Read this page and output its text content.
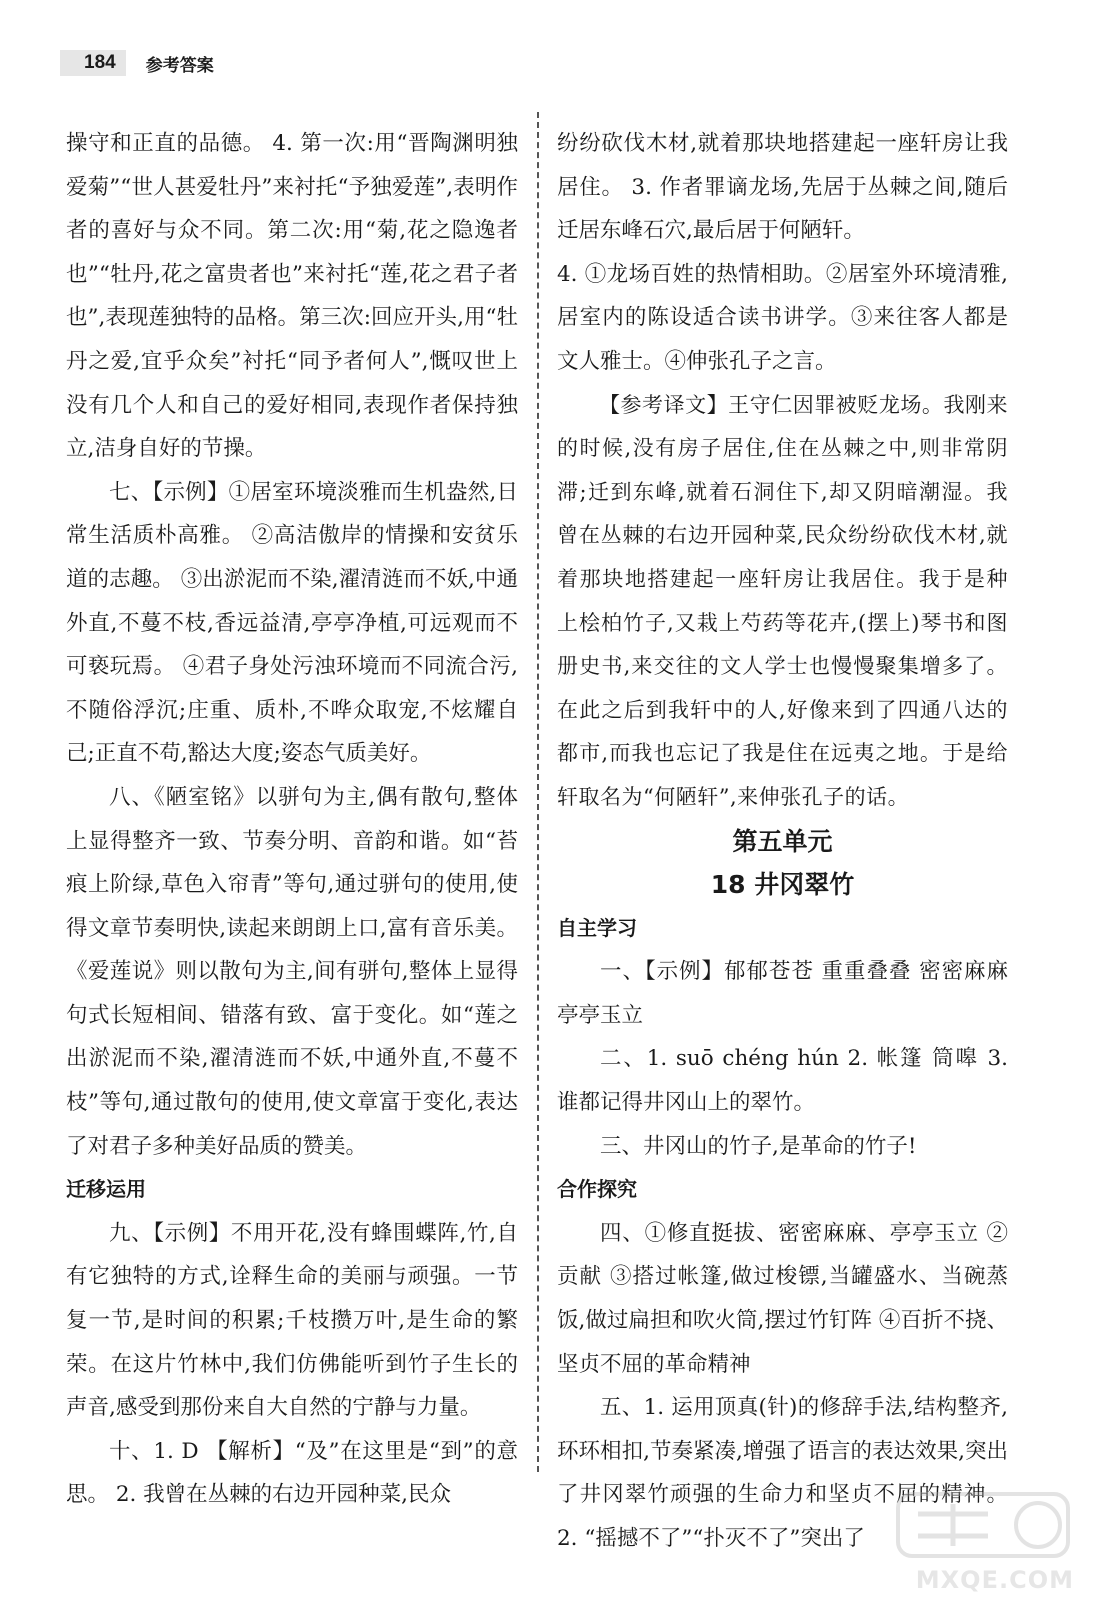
184	参考答案

操守和正直的品德。 4. 第一次:用“晋陶渊明独爱菊”“世人甚爱牡丹”来衬托“予独爱莲”,表明作者的喜好与众不同。第二次:用“菊,花之隐逸者也”“牡丹,花之富贵者也”来衬托“莲,花之君子者也”,表现莲独特的品格。第三次:回应开头,用“牡丹之爱,宜乎众矣”衬托“同予者何人”,慨叹世上没有几个人和自己的爱好相同,表现作者保持独立,洁身自好的节操。

七、【示例】①居室环境淡雅而生机盎然,日常生活质朴高雅。 ②高洁傲岸的情操和安贫乐道的志趣。 ③出淤泥而不染,濯清涟而不妖,中通外直,不蔓不枝,香远益清,亭亭净植,可远观而不可亵玩焉。 ④君子身处污浊环境而不同流合污,不随俗浮沉;庄重、质朴,不哗众取宠,不炫耀自己;正直不苟,豁达大度;姿态气质美好。

八、《陋室铭》以骈句为主,偶有散句,整体上显得整齐一致、节奏分明、音韵和谐。如“苔痕上阶绿,草色入帘青”等句,通过骈句的使用,使得文章节奏明快,读起来朗朗上口,富有音乐美。《爱莲说》则以散句为主,间有骈句,整体上显得句式长短相间、错落有致、富于变化。如“莲之出淤泥而不染,濯清涟而不妖,中通外直,不蔓不枝”等句,通过散句的使用,使文章富于变化,表达了对君子多种美好品质的赞美。

迁移运用

九、【示例】不用开花,没有蜂围蝶阵,竹,自有它独特的方式,诠释生命的美丽与顽强。一节复一节,是时间的积累;千枝攒万叶,是生命的繁荣。在这片竹林中,我们仿佛能听到竹子生长的声音,感受到那份来自大自然的宁静与力量。

十、1. D 【解析】“及”在这里是“到”的意思。 2. 我曾在丛棘的右边开园种菜,民众

纷纷砍伐木材,就着那块地搭建起一座轩房让我居住。 3. 作者罪谪龙场,先居于丛棘之间,随后迁居东峰石穴,最后居于何陋轩。

4. ①龙场百姓的热情相助。②居室外环境清雅,居室内的陈设适合读书讲学。③来往客人都是文人雅士。④伸张孔子之言。

【参考译文】王守仁因罪被贬龙场。我刚来的时候,没有房子居住,住在丛棘之中,则非常阴滞;迁到东峰,就着石洞住下,却又阴暗潮湿。我曾在丛棘的右边开园种菜,民众纷纷砍伐木材,就着那块地搭建起一座轩房让我居住。我于是种上桧柏竹子,又栽上芍药等花卉,(摆上)琴书和图册史书,来交往的文人学士也慢慢聚集增多了。在此之后到我轩中的人,好像来到了四通八达的都市,而我也忘记了我是住在远夷之地。于是给轩取名为“何陋轩”,来伸张孔子的话。

第五单元

18 井冈翠竹

自主学习

一、【示例】郁郁苍苍 重重叠叠 密密麻麻 亭亭玉立

二、1. suō chéng hún 2. 帐篷 筒嗥 3. 谁都记得井冈山上的翠竹。

三、井冈山的竹子,是革命的竹子!

合作探究

四、①修直挺拔、密密麻麻、亭亭玉立 ②贡献 ③搭过帐篷,做过梭镖,当罐盛水、当碗蒸饭,做过扁担和吹火筒,摆过竹钉阵 ④百折不挠、坚贞不屈的革命精神

五、1. 运用顶真(针)的修辞手法,结构整齐,环环相扣,节奏紧凑,增强了语言的表达效果,突出了井冈翠竹顽强的生命力和坚贞不屈的精神。 2. “摇撼不了”“扑灭不了”突出了

MXQE.COM
